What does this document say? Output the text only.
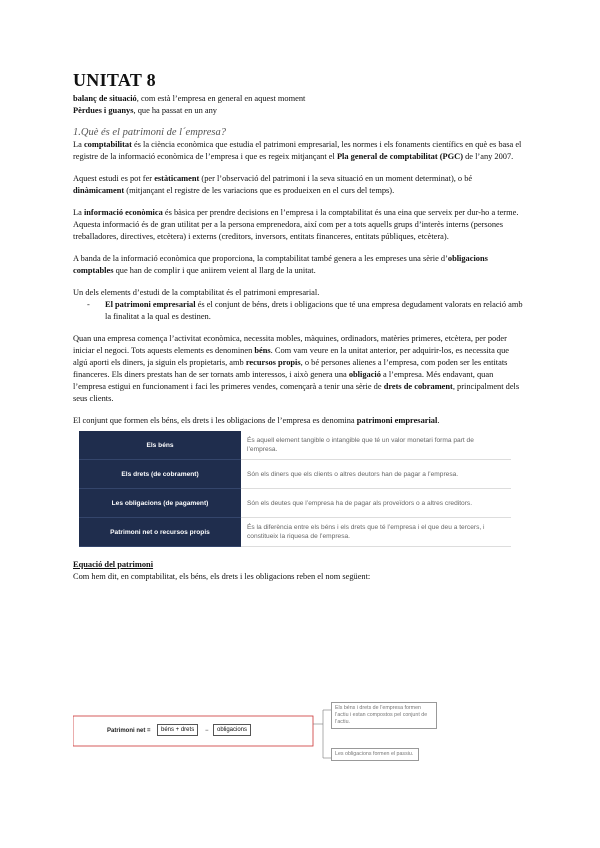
UNITAT 8

balanç de situació, com està l’empresa en general en aquest moment

Pèrdues i guanys, que ha passat en un any

1.Què és el patrimoni de l´empresa?

La comptabilitat és la ciència econòmica que estudia el patrimoni empresarial, les normes i els fonaments científics en què es basa el registre de la informació econòmica de l’empresa i que es regeix mitjançant el Pla general de comptabilitat (PGC) de l’any 2007.

Aquest estudi es pot fer estàticament (per l’observació del patrimoni i la seva situació en un moment determinat), o bé dinàmicament (mitjançant el registre de les variacions que es produeixen en el curs del temps).

La informació econòmica és bàsica per prendre decisions en l’empresa i la comptabilitat és una eina que serveix per dur-ho a terme. Aquesta informació és de gran utilitat per a la persona emprenedora, així com per a tots aquells grups d’interès interns (persones treballadores, directives, etcètera) i externs (creditors, inversors, entitats financeres, entitats públiques, etcètera).

A banda de la informació econòmica que proporciona, la comptabilitat també genera a les empreses una sèrie d’obligacions comptables que han de complir i que aniirem veient al llarg de la unitat.

Un dels elements d’estudi de la comptabilitat és el patrimoni empresarial.

-	El patrimoni empresarial és el conjunt de béns, drets i obligacions que té una empresa degudament valorats en relació amb la finalitat a la qual es destinen.

Quan una empresa comença l’activitat econòmica, necessita mobles, màquines, ordinadors, matèries primeres, etcètera, per poder iniciar el negoci. Tots aquests elements es denominen béns. Com vam veure en la unitat anterior, per adquirir-los, es necessita que algú aporti els diners, ja siguin els propietaris, amb recursos propis, o bé persones alienes a l’empresa, com poden ser les entitats financeres. Els diners prestats han de ser tornats amb interessos, i això genera una obligació a l’empresa. Més endavant, quan l’empresa estigui en funcionament i faci les primeres vendes, començarà a tenir una sèrie de drets de cobrament, principalment dels seus clients.

El conjunt que formen els béns, els drets i les obligacions de l’empresa es denomina patrimoni empresarial.

Els béns	És aquell element tangible o intangible que té un valor monetari forma part de l’empresa.
Els drets (de cobrament)	Són els diners que els clients o altres deutors han de pagar a l’empresa.
Les obligacions (de pagament)	Són els deutes que l’empresa ha de pagar als proveïdors o a altres creditors.
Patrimoni net o recursos propis	És la diferència entre els béns i els drets que té l’empresa i el que deu a tercers, i constitueix la riquesa de l’empresa.

Equació del patrimoni

Com hem dit, en comptabilitat, els béns, els drets i les obligacions reben el nom següent:

Patrimoni net =	béns + drets	−	obligacions
Els béns i drets de l’empresa formen l’actiu i estan compostos pel conjunt de l’actiu.
Les obligacions formen el passiu.
